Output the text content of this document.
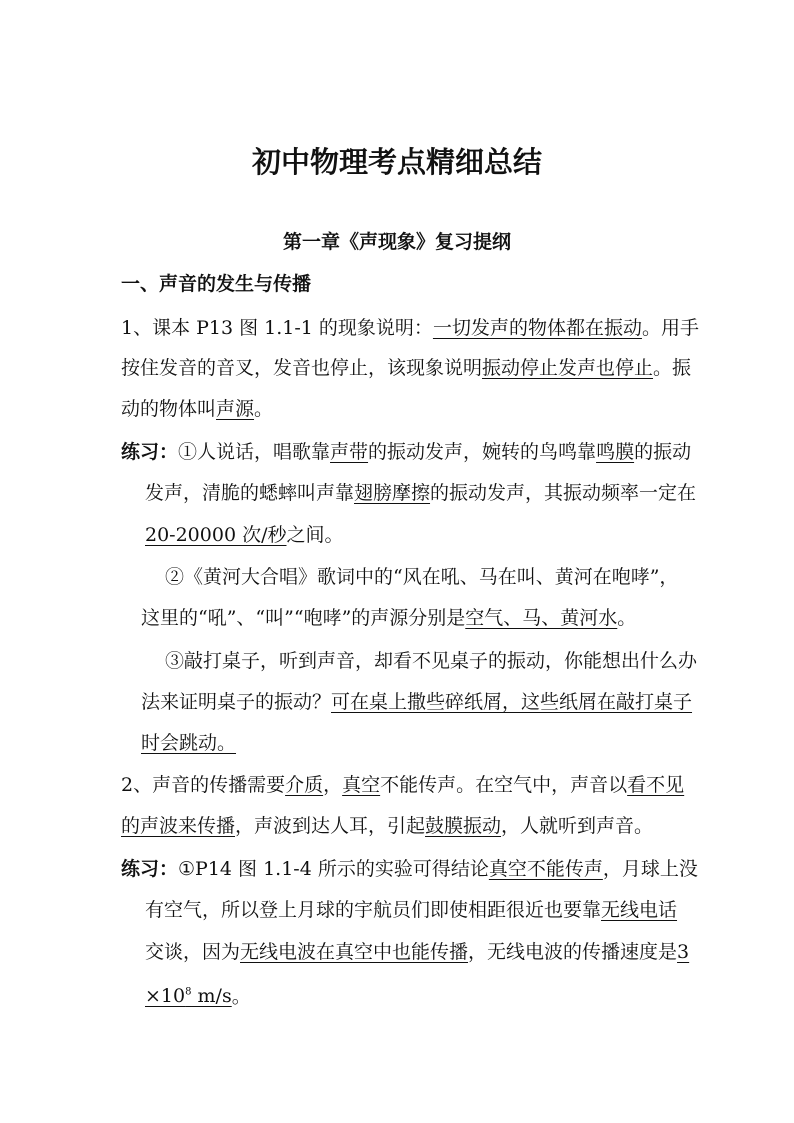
初中物理考点精细总结
第一章《声现象》复习提纲
一、声音的发生与传播
1、课本 P13 图 1.1-1 的现象说明：一切发声的物体都在振动。用手
按住发音的音叉，发音也停止，该现象说明振动停止发声也停止。振
动的物体叫声源。
练习：①人说话，唱歌靠声带的振动发声，婉转的鸟鸣靠鸣膜的振动
发声，清脆的蟋蟀叫声靠翅膀摩擦的振动发声，其振动频率一定在
20-20000 次/秒之间。
②《黄河大合唱》歌词中的“风在吼、马在叫、黄河在咆哮”，
这里的“吼”、“叫”“咆哮”的声源分别是空气、马、黄河水。
③敲打桌子，听到声音，却看不见桌子的振动，你能想出什么办
法来证明桌子的振动？可在桌上撒些碎纸屑，这些纸屑在敲打桌子
时会跳动。
2、声音的传播需要介质，真空不能传声。在空气中，声音以看不见
的声波来传播，声波到达人耳，引起鼓膜振动，人就听到声音。
练习：①P14 图 1.1-4 所示的实验可得结论真空不能传声，月球上没
有空气，所以登上月球的宇航员们即使相距很近也要靠无线电话
交谈，因为无线电波在真空中也能传播，无线电波的传播速度是3
$\times 10^8$ m/s。
